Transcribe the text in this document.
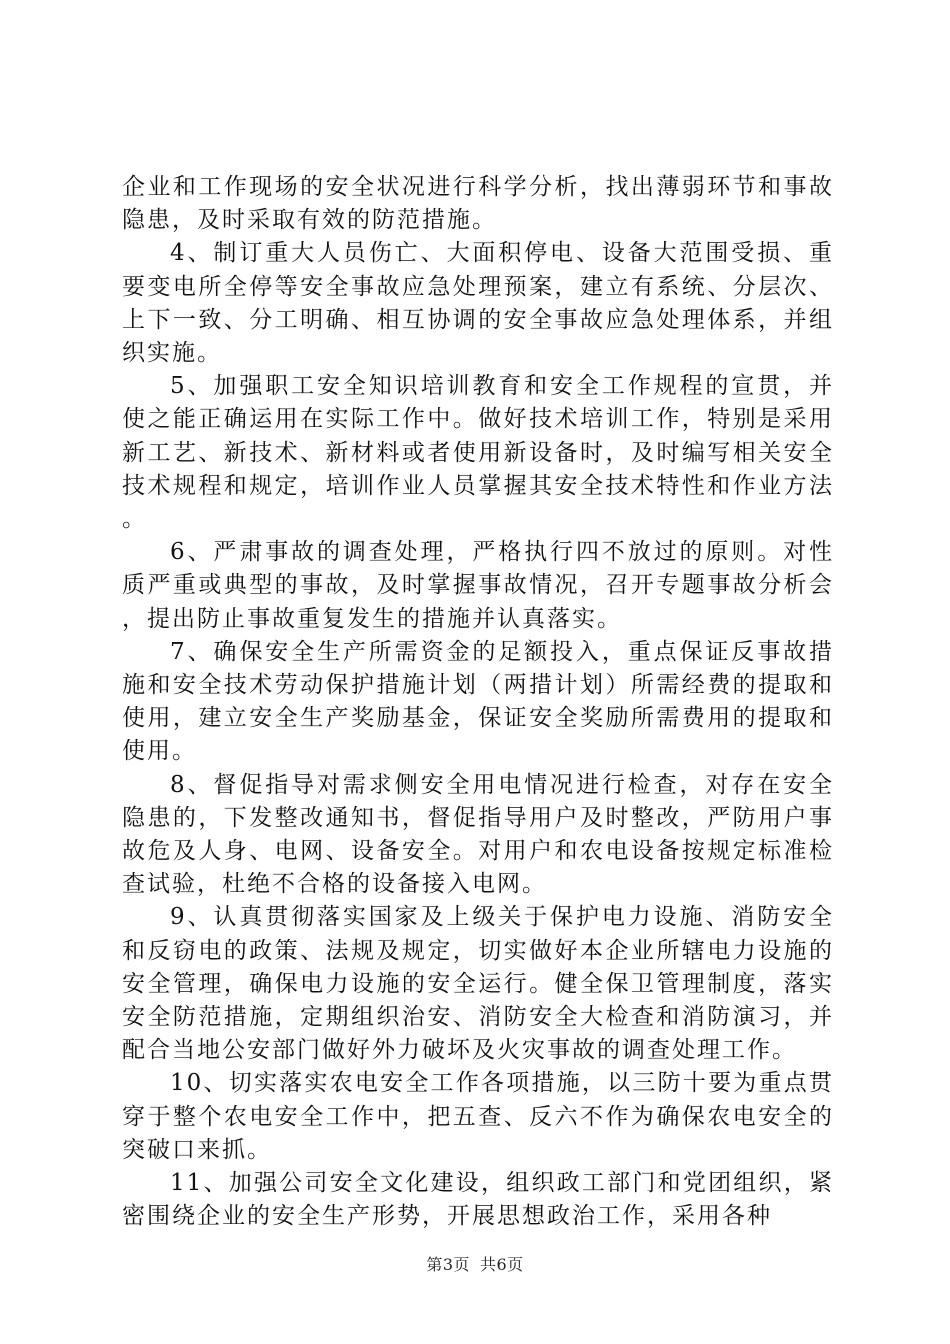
企业和工作现场的安全状况进行科学分析，找出薄弱环节和事故隐患，及时采取有效的防范措施。

4、制订重大人员伤亡、大面积停电、设备大范围受损、重要变电所全停等安全事故应急处理预案，建立有系统、分层次、上下一致、分工明确、相互协调的安全事故应急处理体系，并组织实施。

5、加强职工安全知识培训教育和安全工作规程的宣贯，并使之能正确运用在实际工作中。做好技术培训工作，特别是采用新工艺、新技术、新材料或者使用新设备时，及时编写相关安全技术规程和规定，培训作业人员掌握其安全技术特性和作业方法。

6、严肃事故的调查处理，严格执行四不放过的原则。对性质严重或典型的事故，及时掌握事故情况，召开专题事故分析会，提出防止事故重复发生的措施并认真落实。

7、确保安全生产所需资金的足额投入，重点保证反事故措施和安全技术劳动保护措施计划（两措计划）所需经费的提取和使用，建立安全生产奖励基金，保证安全奖励所需费用的提取和使用。

8、督促指导对需求侧安全用电情况进行检查，对存在安全隐患的，下发整改通知书，督促指导用户及时整改，严防用户事故危及人身、电网、设备安全。对用户和农电设备按规定标准检查试验，杜绝不合格的设备接入电网。

9、认真贯彻落实国家及上级关于保护电力设施、消防安全和反窃电的政策、法规及规定，切实做好本企业所辖电力设施的安全管理，确保电力设施的安全运行。健全保卫管理制度，落实安全防范措施，定期组织治安、消防安全大检查和消防演习，并配合当地公安部门做好外力破坏及火灾事故的调查处理工作。

10、切实落实农电安全工作各项措施，以三防十要为重点贯穿于整个农电安全工作中，把五查、反六不作为确保农电安全的突破口来抓。

11、加强公司安全文化建设，组织政工部门和党团组织，紧密围绕企业的安全生产形势，开展思想政治工作，采用各种

第3页 共6页
